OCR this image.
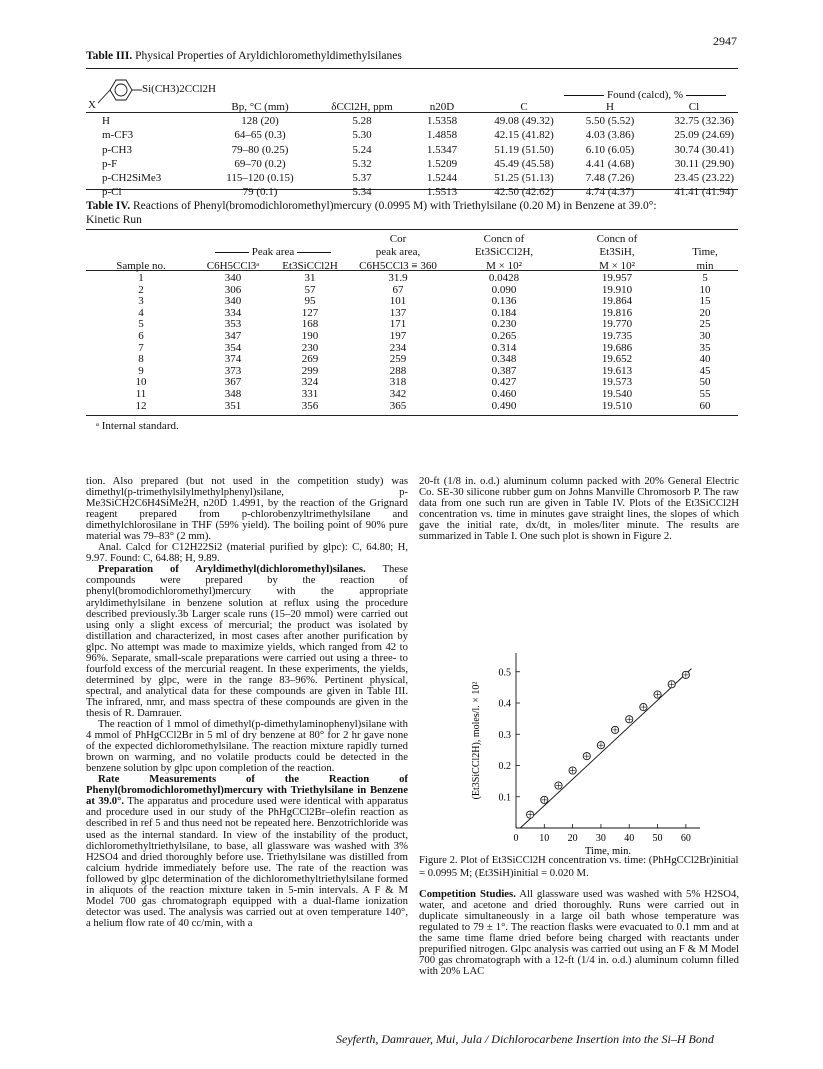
2947
Table III. Physical Properties of Aryldichloromethyldimethylsilanes
Si(CH3)2CCl2H
X
Found (calcd), %
	Bp, °C (mm)	δCCl2H, ppm	n20D	C	H	Cl
H	128 (20)	5.28	1.5358	49.08 (49.32)	5.50 (5.52)	32.75 (32.36)
m-CF3	64–65 (0.3)	5.30	1.4858	42.15 (41.82)	4.03 (3.86)	25.09 (24.69)
p-CH3	79–80 (0.25)	5.24	1.5347	51.19 (51.50)	6.10 (6.05)	30.74 (30.41)
p-F	69–70 (0.2)	5.32	1.5209	45.49 (45.58)	4.41 (4.68)	30.11 (29.90)
p-CH2SiMe3	115–120 (0.15)	5.37	1.5244	51.25 (51.13)	7.48 (7.26)	23.45 (23.22)
p-Cl	79 (0.1)	5.34	1.5513	42.50 (42.62)	4.74 (4.37)	41.41 (41.94)
Table IV. Reactions of Phenyl(bromodichloromethyl)mercury (0.0995 M) with Triethylsilane (0.20 M) in Benzene at 39.0°:
Kinetic Run
			Cor	Concn of	Concn of	
	Peak area		peak area,	Et3SiCCl2H,	Et3SiH,	Time,
Sample no.	C6H5CCl3ᵃ	Et3SiCCl2H	C6H5CCl3 ≡ 360	M × 10²	M × 10²	min
1	340	31	31.9	0.0428	19.957	5
2	306	57	67	0.090	19.910	10
3	340	95	101	0.136	19.864	15
4	334	127	137	0.184	19.816	20
5	353	168	171	0.230	19.770	25
6	347	190	197	0.265	19.735	30
7	354	230	234	0.314	19.686	35
8	374	269	259	0.348	19.652	40
9	373	299	288	0.387	19.613	45
10	367	324	318	0.427	19.573	50
11	348	331	342	0.460	19.540	55
12	351	356	365	0.490	19.510	60
ᵃ Internal standard.

tion. Also prepared (but not used in the competition study) was dimethyl(p-trimethylsilylmethylphenyl)silane, p-Me3SiCH2C6H4SiMe2H, n20D 1.4991, by the reaction of the Grignard reagent prepared from p-chlorobenzyltrimethylsilane and dimethylchlorosilane in THF (59% yield). The boiling point of 90% pure material was 79–83° (2 mm).

Anal. Calcd for C12H22Si2 (material purified by glpc): C, 64.80; H, 9.97. Found: C, 64.88; H, 9.89.

Preparation of Aryldimethyl(dichloromethyl)silanes. These compounds were prepared by the reaction of phenyl(bromodichloromethyl)mercury with the appropriate aryldimethylsilane in benzene solution at reflux using the procedure described previously.3b Larger scale runs (15–20 mmol) were carried out using only a slight excess of mercurial; the product was isolated by distillation and characterized, in most cases after another purification by glpc. No attempt was made to maximize yields, which ranged from 42 to 96%. Separate, small-scale preparations were carried out using a three- to fourfold excess of the mercurial reagent. In these experiments, the yields, determined by glpc, were in the range 83–96%. Pertinent physical, spectral, and analytical data for these compounds are given in Table III. The infrared, nmr, and mass spectra of these compounds are given in the thesis of R. Damrauer.

The reaction of 1 mmol of dimethyl(p-dimethylaminophenyl)silane with 4 mmol of PhHgCCl2Br in 5 ml of dry benzene at 80° for 2 hr gave none of the expected dichloromethylsilane. The reaction mixture rapidly turned brown on warming, and no volatile products could be detected in the benzene solution by glpc upon completion of the reaction.

Rate Measurements of the Reaction of Phenyl(bromodichloromethyl)mercury with Triethylsilane in Benzene at 39.0°. The apparatus and procedure used were identical with apparatus and procedure used in our study of the PhHgCCl2Br–olefin reaction as described in ref 5 and thus need not be repeated here. Benzotrichloride was used as the internal standard. In view of the instability of the product, dichloromethyltriethylsilane, to base, all glassware was washed with 3% H2SO4 and dried thoroughly before use. Triethylsilane was distilled from calcium hydride immediately before use. The rate of the reaction was followed by glpc determination of the dichloromethyltriethylsilane formed in aliquots of the reaction mixture taken in 5-min intervals. A F & M Model 700 gas chromatograph equipped with a dual-flame ionization detector was used. The analysis was carried out at oven temperature 140°, a helium flow rate of 40 cc/min, with a

20-ft (1/8 in. o.d.) aluminum column packed with 20% General Electric Co. SE-30 silicone rubber gum on Johns Manville Chromosorb P. The raw data from one such run are given in Table IV. Plots of the Et3SiCCl2H concentration vs. time in minutes gave straight lines, the slopes of which gave the initial rate, dx/dt, in moles/liter minute. The results are summarized in Table I. One such plot is shown in Figure 2.

0 10 20 30 40 50 60
0.1
0.2
0.3
0.4
0.5
Time, min.
(Et3SiCCl2H), moles/l. × 10²
Figure 2. Plot of Et3SiCCl2H concentration vs. time: (PhHgCCl2Br)initial = 0.0995 M; (Et3SiH)initial = 0.020 M.
Competition Studies. All glassware used was washed with 5% H2SO4, water, and acetone and dried thoroughly. Runs were carried out in duplicate simultaneously in a large oil bath whose temperature was regulated to 79 ± 1°. The reaction flasks were evacuated to 0.1 mm and at the same time flame dried before being charged with reactants under prepurified nitrogen. Glpc analysis was carried out using an F & M Model 700 gas chromatograph with a 12-ft (1/4 in. o.d.) aluminum column filled with 20% LAC
Seyferth, Damrauer, Mui, Jula / Dichlorocarbene Insertion into the Si–H Bond
